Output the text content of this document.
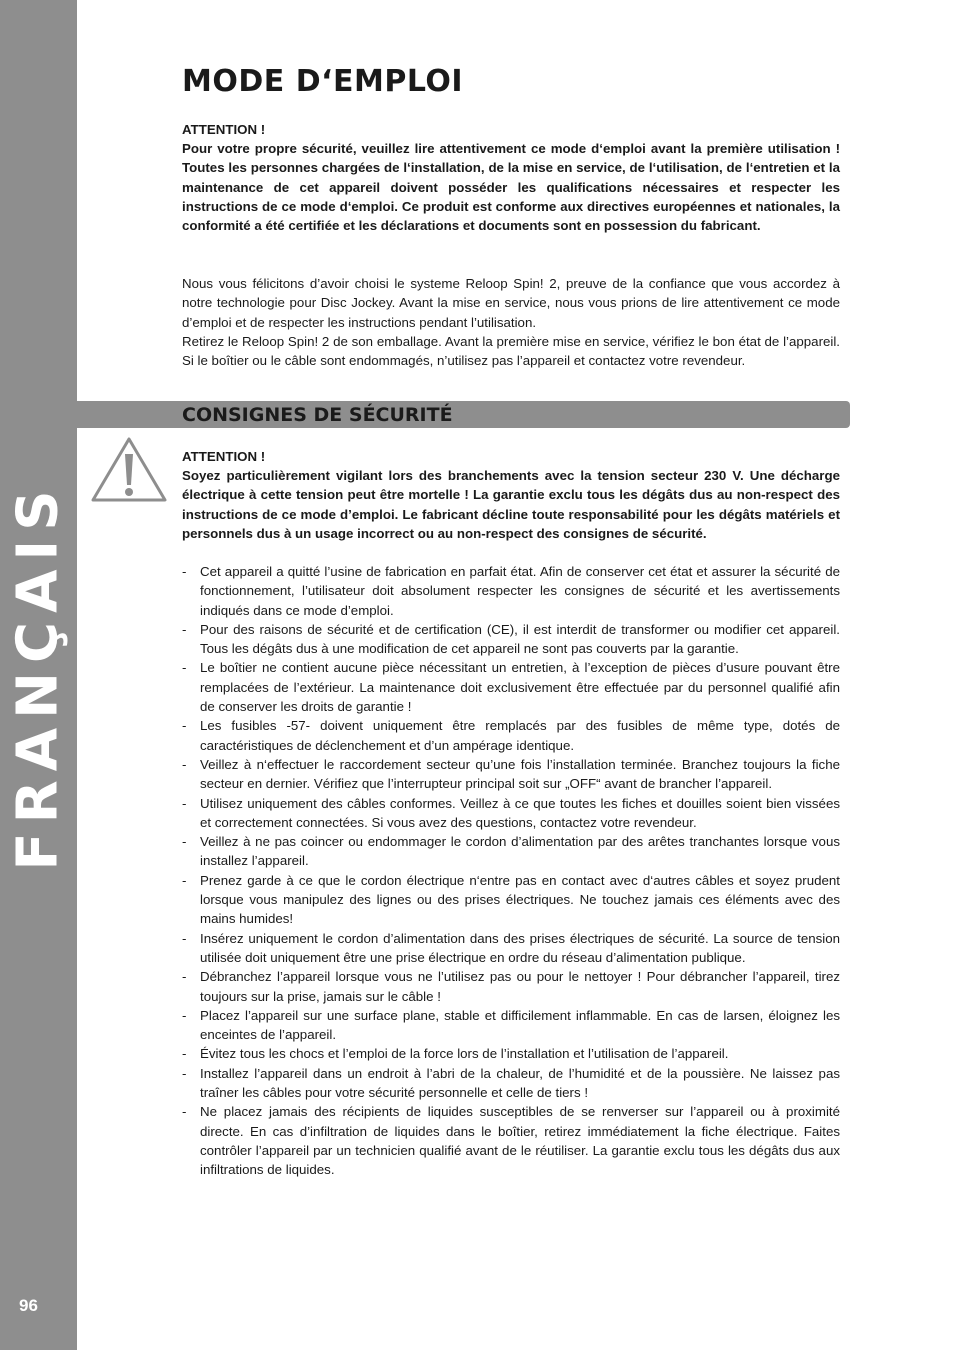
FRANÇAIS
96
MODE D‘EMPLOI

ATTENTION !

Pour votre propre sécurité, veuillez lire attentivement ce mode d‘emploi avant la première utilisation ! Toutes les personnes chargées de l‘installation, de la mise en service, de l‘utilisation, de l‘entretien et la maintenance de cet appareil doivent posséder les qualifications nécessaires et respecter les instructions de ce mode d‘emploi. Ce produit est conforme aux directives européennes et nationales, la conformité a été certifiée et les déclarations et documents sont en possession du fabricant.

Nous vous félicitons d’avoir choisi le systeme Reloop Spin! 2, preuve de la confiance que vous accordez à notre technologie pour Disc Jockey. Avant la mise en service, nous vous prions de lire attentivement ce mode d’emploi et de respecter les instructions pendant l’utilisation.

Retirez le Reloop Spin! 2 de son emballage. Avant la première mise en service, vérifiez le bon état de l’appareil. Si le boîtier ou le câble sont endommagés, n’utilisez pas l’appareil et contactez votre revendeur.

CONSIGNES DE SÉCURITÉ

ATTENTION !

Soyez particulièrement vigilant lors des branchements avec la tension secteur 230 V. Une décharge électrique à cette tension peut être mortelle ! La garantie exclu tous les dégâts dus au non-respect des instructions de ce mode d’emploi. Le fabricant décline toute responsabilité pour les dégâts matériels et personnels dus à un usage incorrect ou au non-respect des consignes de sécurité.

- Cet appareil a quitté l’usine de fabrication en parfait état. Afin de conserver cet état et assurer la sécurité de fonctionnement, l’utilisateur doit absolument respecter les consignes de sécurité et les avertissements indiqués dans ce mode d’emploi.
- Pour des raisons de sécurité et de certification (CE), il est interdit de transformer ou modifier cet appareil. Tous les dégâts dus à une modification de cet appareil ne sont pas couverts par la garantie.
- Le boîtier ne contient aucune pièce nécessitant un entretien, à l’exception de pièces d’usure pouvant être remplacées de l’extérieur. La maintenance doit exclusivement être effectuée par du personnel qualifié afin de conserver les droits de garantie !
- Les fusibles -57- doivent uniquement être remplacés par des fusibles de même type, dotés de caractéristiques de déclenchement et d’un ampérage identique.
- Veillez à n‘effectuer le raccordement secteur qu’une fois l’installation terminée. Branchez toujours la fiche secteur en dernier. Vérifiez que l’interrupteur principal soit sur „OFF“ avant de brancher l’appareil.
- Utilisez uniquement des câbles conformes. Veillez à ce que toutes les fiches et douilles soient bien vissées et correctement connectées. Si vous avez des questions, contactez votre revendeur.
- Veillez à ne pas coincer ou endommager le cordon d’alimentation par des arêtes tranchantes lorsque vous installez l’appareil.
- Prenez garde à ce que le cordon électrique n‘entre pas en contact avec d‘autres câbles et soyez prudent lorsque vous manipulez des lignes ou des prises électriques. Ne touchez jamais ces éléments avec des mains humides!
- Insérez uniquement le cordon d’alimentation dans des prises électriques de sécurité. La source de tension utilisée doit uniquement être une prise électrique en ordre du réseau d’alimentation publique.
- Débranchez l’appareil lorsque vous ne l’utilisez pas ou pour le nettoyer ! Pour débrancher l’appareil, tirez toujours sur la prise, jamais sur le câble !
- Placez l’appareil sur une surface plane, stable et difficilement inflammable. En cas de larsen, éloignez les enceintes de l’appareil.
- Évitez tous les chocs et l’emploi de la force lors de l’installation et l’utilisation de l’appareil.
- Installez l’appareil dans un endroit à l’abri de la chaleur, de l’humidité et de la poussière. Ne laissez pas traîner les câbles pour votre sécurité personnelle et celle de tiers !
- Ne placez jamais des récipients de liquides susceptibles de se renverser sur l’appareil ou à proximité directe. En cas d’infiltration de liquides dans le boîtier, retirez immédiatement la fiche électrique. Faites contrôler l’appareil par un technicien qualifié avant de le réutiliser. La garantie exclu tous les dégâts dus aux infiltrations de liquides.
